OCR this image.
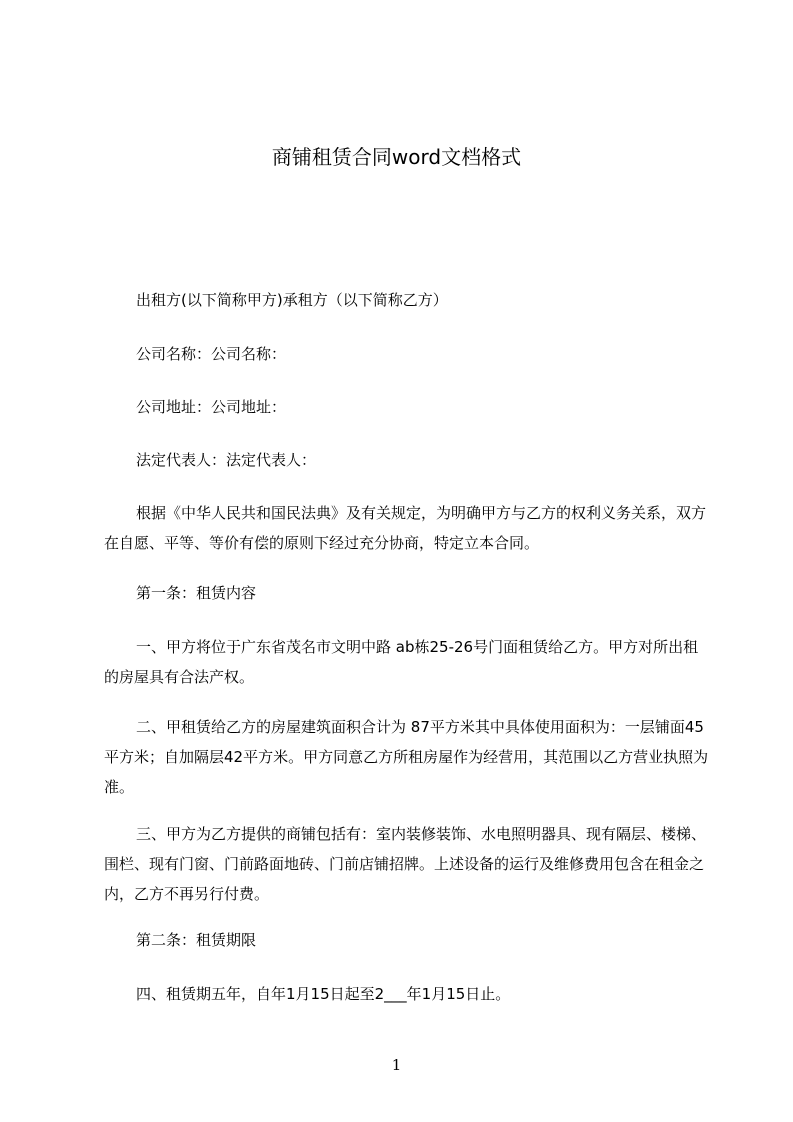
商铺租赁合同word文档格式

出租方(以下简称甲方)承租方（以下简称乙方）

公司名称：公司名称：

公司地址：公司地址：

法定代表人：法定代表人：

根据《中华人民共和国民法典》及有关规定，为明确甲方与乙方的权利义务关系，双方在自愿、平等、等价有偿的原则下经过充分协商，特定立本合同。

第一条：租赁内容

一、甲方将位于广东省茂名市文明中路 ab栋25-26号门面租赁给乙方。甲方对所出租的房屋具有合法产权。

二、甲租赁给乙方的房屋建筑面积合计为 87平方米其中具体使用面积为：一层铺面45平方米；自加隔层42平方米。甲方同意乙方所租房屋作为经营用，其范围以乙方营业执照为准。

三、甲方为乙方提供的商铺包括有：室内装修装饰、水电照明器具、现有隔层、楼梯、围栏、现有门窗、门前路面地砖、门前店铺招牌。上述设备的运行及维修费用包含在租金之内，乙方不再另行付费。

第二条：租赁期限

四、租赁期五年，自年1月15日起至2___年1月15日止。

1
